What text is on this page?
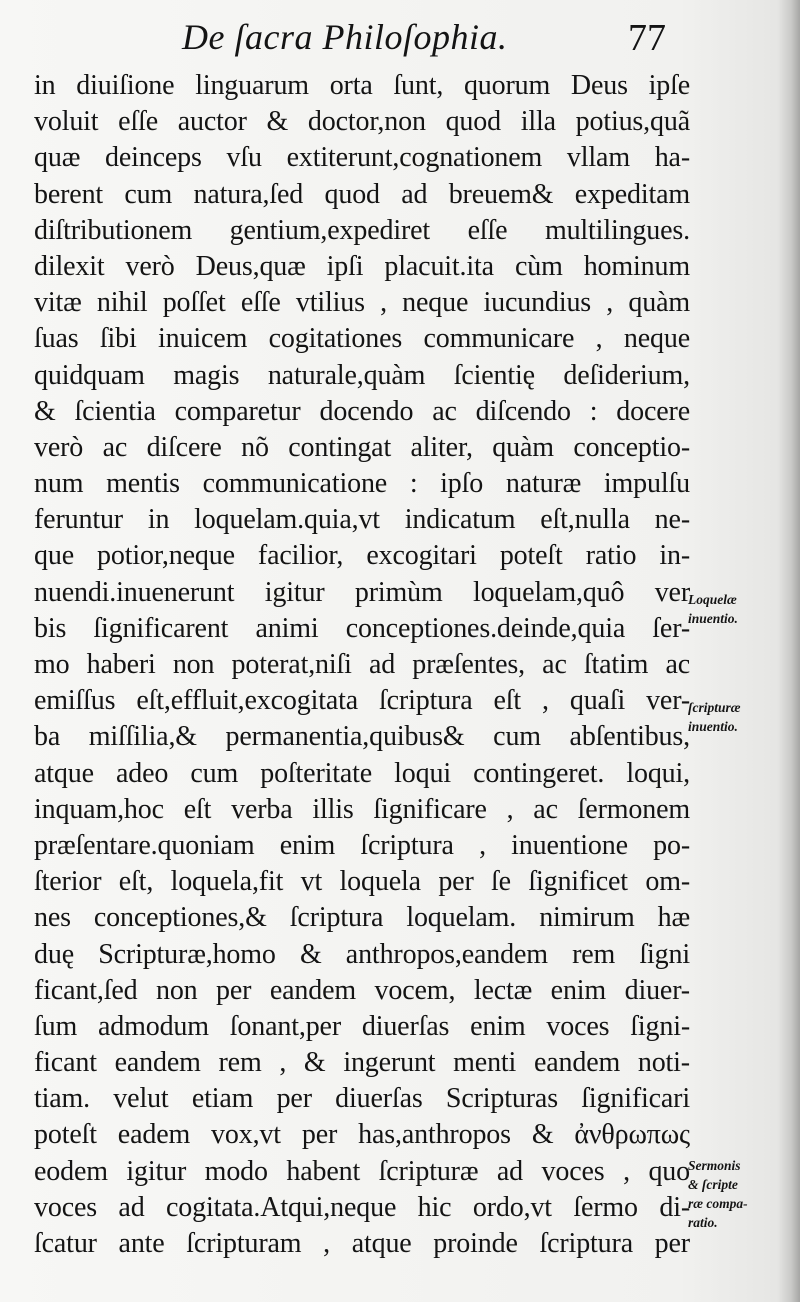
De ſacra Philoſophia.	77
in diuiſione linguarum orta ſunt, quorum Deus ipſe
voluit eſſe auctor & doctor,non quod illa potius,quã
quæ deinceps vſu extiterunt,cognationem vllam ha-
berent cum natura,ſed quod ad breuem& expeditam
diſtributionem gentium,expediret eſſe multilingues.
dilexit verò Deus,quæ ipſi placuit.ita cùm hominum
vitæ nihil poſſet eſſe vtilius , neque iucundius , quàm
ſuas ſibi inuicem cogitationes communicare , neque
quidquam magis naturale,quàm ſcientię deſiderium,
& ſcientia comparetur docendo ac diſcendo : docere
verò ac diſcere nõ contingat aliter, quàm conceptio-
num mentis communicatione : ipſo naturæ impulſu
feruntur in loquelam.quia,vt indicatum eſt,nulla ne-
que potior,neque facilior, excogitari poteſt ratio in-
nuendi.inuenerunt igitur primùm loquelam,quô ver
bis ſignificarent animi conceptiones.deinde,quia ſer-
mo haberi non poterat,niſi ad præſentes, ac ſtatim ac
emiſſus eſt,effluit,excogitata ſcriptura eſt , quaſi ver-
ba miſſilia,& permanentia,quibus& cum abſentibus,
atque adeo cum poſteritate loqui contingeret. loqui,
inquam,hoc eſt verba illis ſignificare , ac ſermonem
præſentare.quoniam enim ſcriptura , inuentione po-
ſterior eſt, loquela,fit vt loquela per ſe ſignificet om-
nes conceptiones,& ſcriptura loquelam. nimirum hæ
duę Scripturæ,homo & anthropos,eandem rem ſigni
ficant,ſed non per eandem vocem, lectæ enim diuer-
ſum admodum ſonant,per diuerſas enim voces ſigni-
ficant eandem rem , & ingerunt menti eandem noti-
tiam. velut etiam per diuerſas Scripturas ſignificari
poteſt eadem vox,vt per has,anthropos & ἀνθρωπως
eodem igitur modo habent ſcripturæ ad voces , quo
voces ad cogitata.Atqui,neque hic ordo,vt ſermo di-
ſcatur ante ſcripturam , atque proinde ſcriptura per
Loquelæ
inuentio.
ſcripturæ
inuentio.
Sermonis
& ſcripte
ræ compa-
ratio.
